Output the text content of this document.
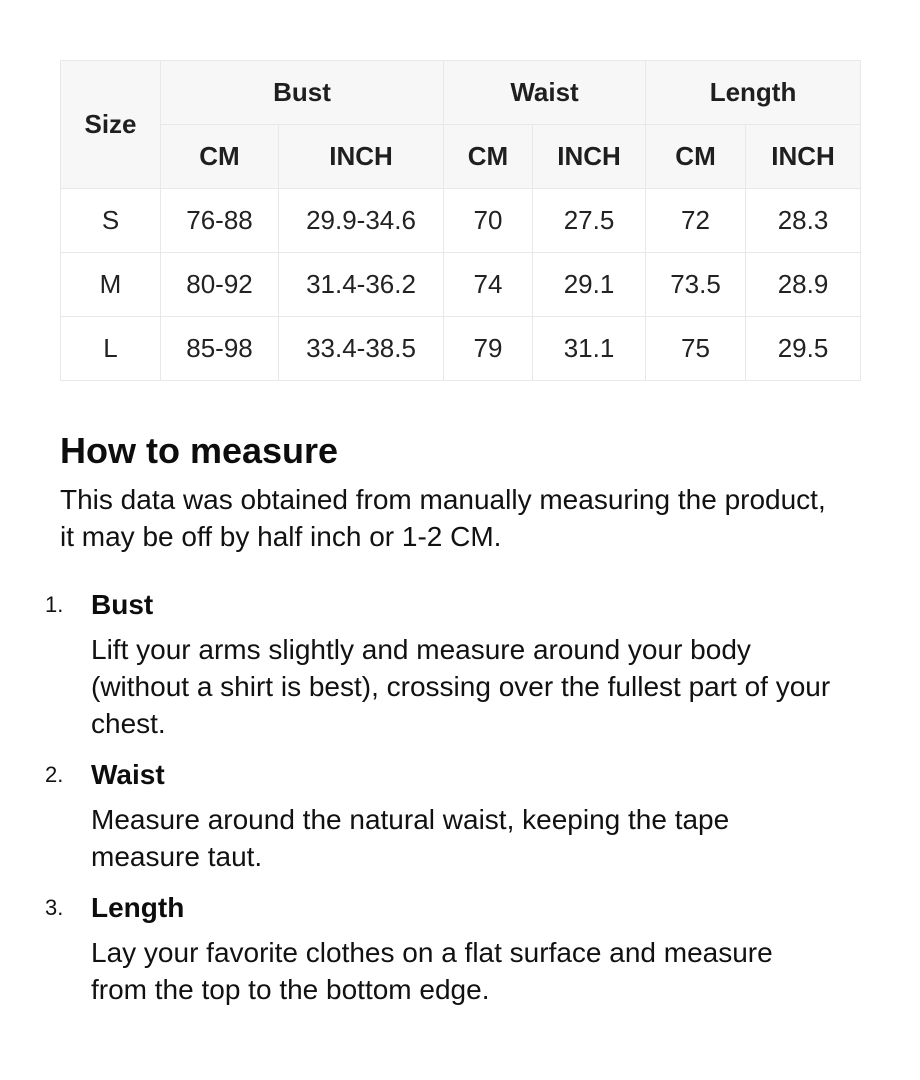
Size	Bust		Waist		Length	
	CM	INCH	CM	INCH	CM	INCH
S	76-88	29.9-34.6	70	27.5	72	28.3
M	80-92	31.4-36.2	74	29.1	73.5	28.9
L	85-98	33.4-38.5	79	31.1	75	29.5
How to measure

This data was obtained from manually measuring the product, it may be off by half inch or 1-2 CM.

1. Bust

Lift your arms slightly and measure around your body (without a shirt is best), crossing over the fullest part of your chest.

2. Waist

Measure around the natural waist, keeping the tape measure taut.

3. Length

Lay your favorite clothes on a flat surface and measure from the top to the bottom edge.
